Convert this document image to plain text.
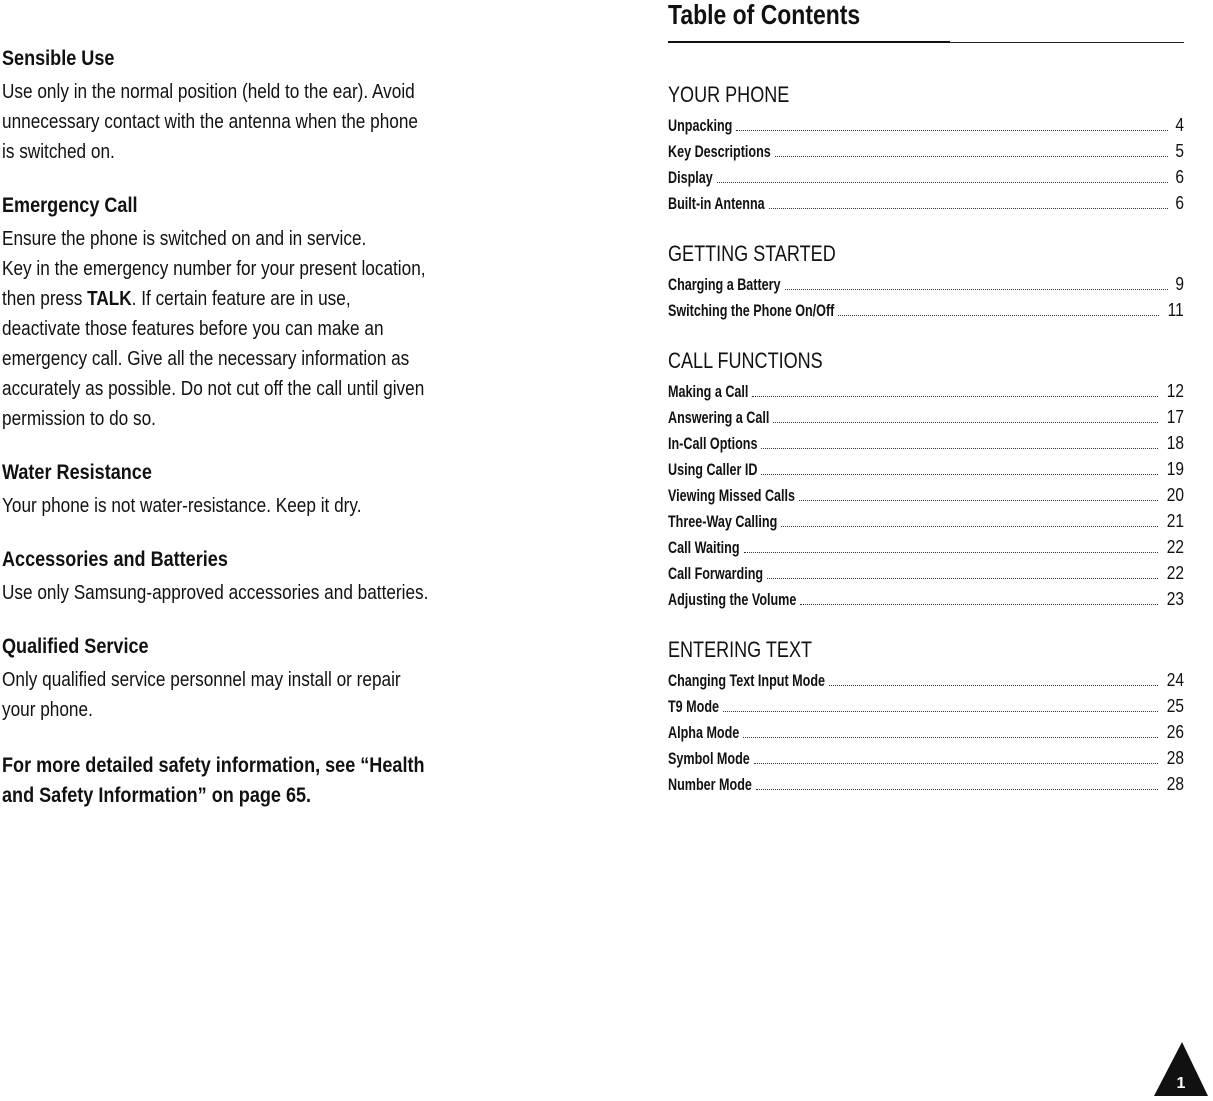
Sensible Use

Use only in the normal position (held to the ear). Avoid

unnecessary contact with the antenna when the phone

is switched on.

Emergency Call

Ensure the phone is switched on and in service.

Key in the emergency number for your present location,

then press TALK. If certain feature are in use,

deactivate those features before you can make an

emergency call. Give all the necessary information as

accurately as possible. Do not cut off the call until given

permission to do so.

Water Resistance

Your phone is not water-resistance. Keep it dry.

Accessories and Batteries

Use only Samsung-approved accessories and batteries.

Qualified Service

Only qualified service personnel may install or repair

your phone.

For more detailed safety information, see “Health

and Safety Information” on page 65.

Table of Contents

YOUR PHONE

Unpacking	4
Key Descriptions	5
Display	6
Built-in Antenna	6

GETTING STARTED

Charging a Battery	9
Switching the Phone On/Off	11

CALL FUNCTIONS

Making a Call	12
Answering a Call	17
In-Call Options	18
Using Caller ID	19
Viewing Missed Calls	20
Three-Way Calling	21
Call Waiting	22
Call Forwarding	22
Adjusting the Volume	23

ENTERING TEXT

Changing Text Input Mode	24
T9 Mode	25
Alpha Mode	26
Symbol Mode	28
Number Mode	28
1
